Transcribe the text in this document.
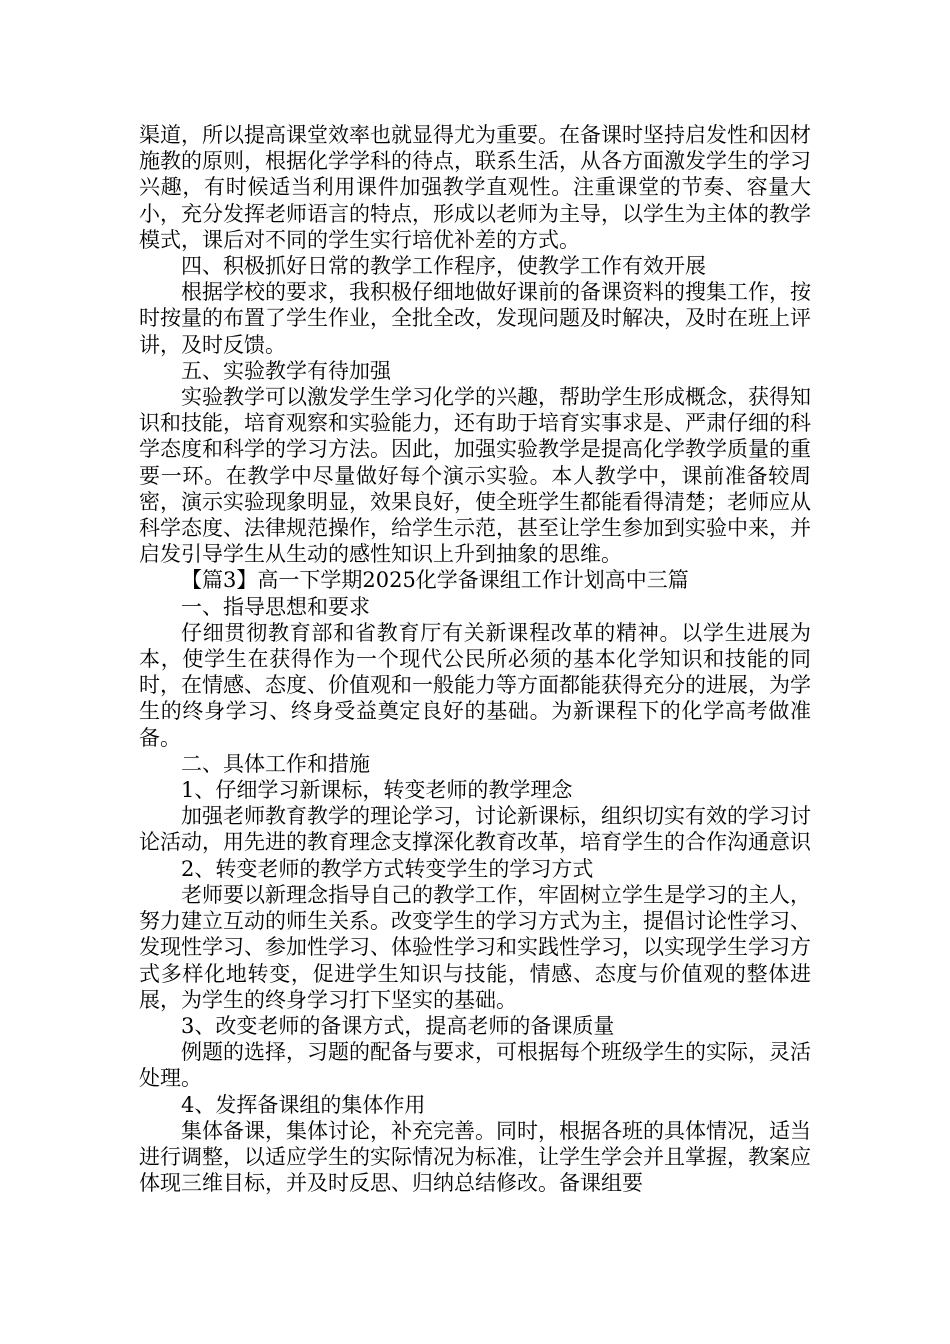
渠道，所以提高课堂效率也就显得尤为重要。在备课时坚持启发性和因材施教的原则，根据化学学科的待点，联系生活，从各方面激发学生的学习兴趣，有时候适当利用课件加强教学直观性。注重课堂的节奏、容量大小，充分发挥老师语言的特点，形成以老师为主导，以学生为主体的教学模式，课后对不同的学生实行培优补差的方式。

四、积极抓好日常的教学工作程序，使教学工作有效开展

根据学校的要求，我积极仔细地做好课前的备课资料的搜集工作，按时按量的布置了学生作业，全批全改，发现问题及时解决，及时在班上评讲，及时反馈。

五、实验教学有待加强

实验教学可以激发学生学习化学的兴趣，帮助学生形成概念，获得知识和技能，培育观察和实验能力，还有助于培育实事求是、严肃仔细的科学态度和科学的学习方法。因此，加强实验教学是提高化学教学质量的重要一环。在教学中尽量做好每个演示实验。本人教学中，课前准备较周密，演示实验现象明显，效果良好，使全班学生都能看得清楚；老师应从科学态度、法律规范操作，给学生示范，甚至让学生参加到实验中来，并启发引导学生从生动的感性知识上升到抽象的思维。

【篇3】高一下学期2025化学备课组工作计划高中三篇

一、指导思想和要求

仔细贯彻教育部和省教育厅有关新课程改革的精神。以学生进展为本，使学生在获得作为一个现代公民所必须的基本化学知识和技能的同时，在情感、态度、价值观和一般能力等方面都能获得充分的进展，为学生的终身学习、终身受益奠定良好的基础。为新课程下的化学高考做准备。

二、具体工作和措施

1、仔细学习新课标，转变老师的教学理念

加强老师教育教学的理论学习，讨论新课标，组织切实有效的学习讨论活动，用先进的教育理念支撑深化教育改革，培育学生的合作沟通意识

2、转变老师的教学方式转变学生的学习方式

老师要以新理念指导自己的教学工作，牢固树立学生是学习的主人，努力建立互动的师生关系。改变学生的学习方式为主，提倡讨论性学习、发现性学习、参加性学习、体验性学习和实践性学习，以实现学生学习方式多样化地转变，促进学生知识与技能，情感、态度与价值观的整体进展，为学生的终身学习打下坚实的基础。

3、改变老师的备课方式，提高老师的备课质量

例题的选择，习题的配备与要求，可根据每个班级学生的实际，灵活处理。

4、发挥备课组的集体作用

集体备课，集体讨论，补充完善。同时，根据各班的具体情况，适当进行调整，以适应学生的实际情况为标准，让学生学会并且掌握，教案应体现三维目标，并及时反思、归纳总结修改。备课组要
